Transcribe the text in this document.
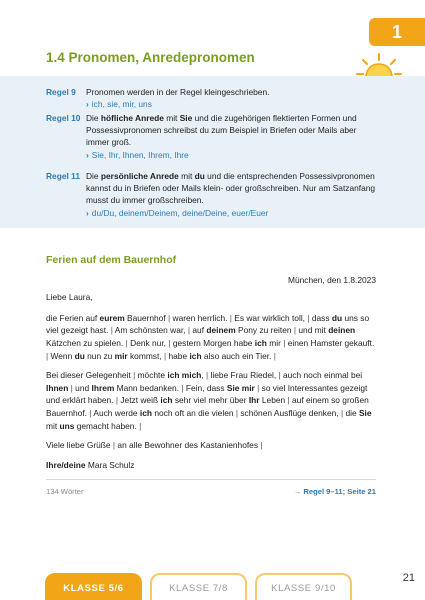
1
1.4 Pronomen, Anredepronomen
Regel 9 Pronomen werden in der Regel kleingeschrieben.
› ich, sie, mir, uns
Regel 10 Die höfliche Anrede mit Sie und die zugehörigen flektierten Formen und Possessivpronomen schreibst du zum Beispiel in Briefen oder Mails aber immer groß.
› Sie, Ihr, Ihnen, Ihrem, Ihre
Regel 11 Die persönliche Anrede mit du und die entsprechenden Possessivpronomen kannst du in Briefen oder Mails klein- oder großschreiben. Nur am Satzanfang musst du immer großschreiben.
› du/Du, deinem/Deinem, deine/Deine, euer/Euer
Ferien auf dem Bauernhof
München, den 1.8.2023
Liebe Laura,
die Ferien auf eurem Bauernhof | waren herrlich. | Es war wirklich toll, | dass du uns so viel gezeigt hast. | Am schönsten war, | auf deinem Pony zu reiten | und mit deinen Kätzchen zu spielen. | Denk nur, | gestern Morgen habe ich mir | einen Hamster gekauft. | Wenn du nun zu mir kommst, | habe ich also auch ein Tier. |
Bei dieser Gelegenheit | möchte ich mich, | liebe Frau Riedel, | auch noch einmal bei Ihnen | und Ihrem Mann bedanken. | Fein, dass Sie mir | so viel Interessantes gezeigt und erklärt haben. | Jetzt weiß ich sehr viel mehr über Ihr Leben | auf einem so großen Bauernhof. | Auch werde ich noch oft an die vielen | schönen Ausflüge denken, | die Sie mit uns gemacht haben. |
Viele liebe Grüße | an alle Bewohner des Kastanienhofes |
Ihre/deine Mara Schulz
134 Wörter	→ Regel 9–11; Seite 21
21
KLASSE 5/6	KLASSE 7/8	KLASSE 9/10
